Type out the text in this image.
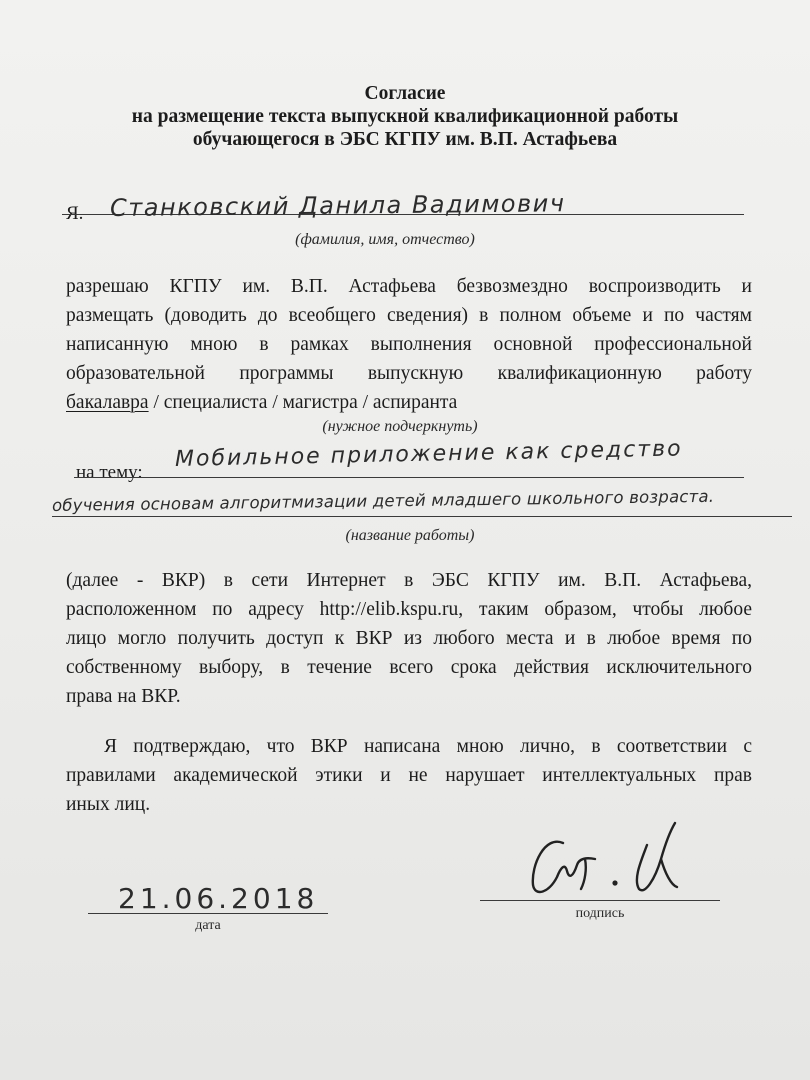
Согласие
на размещение текста выпускной квалификационной работы
обучающегося в ЭБС КГПУ им. В.П. Астафьева
Я. Станковский Данила Вадимович
(фамилия, имя, отчество)
разрешаю КГПУ им. В.П. Астафьева безвозмездно воспроизводить и
размещать (доводить до всеобщего сведения) в полном объеме и по частям
написанную мною в рамках выполнения основной профессиональной
образовательной программы выпускную квалификационную работу
бакалавра / специалиста / магистра / аспиранта
(нужное подчеркнуть)
на тему:
Мобильное приложение как средство
обучения основам алгоритмизации детей младшего школьного возраста.
(название работы)
(далее - ВКР) в сети Интернет в ЭБС КГПУ им. В.П. Астафьева,
расположенном по адресу http://elib.kspu.ru, таким образом, чтобы любое
лицо могло получить доступ к ВКР из любого места и в любое время по
собственному выбору, в течение всего срока действия исключительного
права на ВКР.
Я подтверждаю, что ВКР написана мною лично, в соответствии с
правилами академической этики и не нарушает интеллектуальных прав
иных лиц.
21.06.2018
дата
подпись
